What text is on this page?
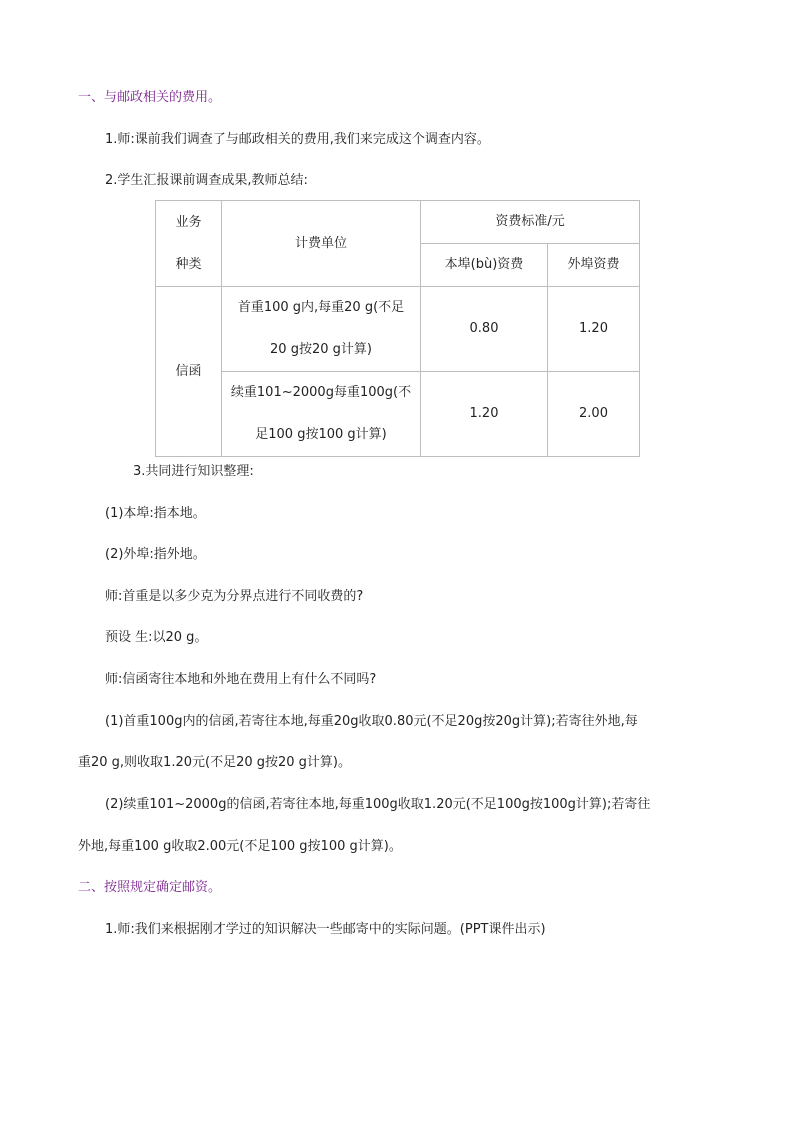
一、与邮政相关的费用。
1.师:课前我们调查了与邮政相关的费用,我们来完成这个调查内容。
2.学生汇报课前调查成果,教师总结:
业务
种类	计费单位	资费标准/元	
		本埠(bù)资费	外埠资费
信函	首重100 g内,每重20 g(不足
20 g按20 g计算)	0.80	1.20

	续重101~2000g每重100g(不
足100 g按100 g计算)	1.20	2.00
3.共同进行知识整理:
(1)本埠:指本地。
(2)外埠:指外地。
师:首重是以多少克为分界点进行不同收费的?
预设 生:以20 g。
师:信函寄往本地和外地在费用上有什么不同吗?
(1)首重100g内的信函,若寄往本地,每重20g收取0.80元(不足20g按20g计算);若寄往外地,每
重20 g,则收取1.20元(不足20 g按20 g计算)。
(2)续重101~2000g的信函,若寄往本地,每重100g收取1.20元(不足100g按100g计算);若寄往
外地,每重100 g收取2.00元(不足100 g按100 g计算)。
二、按照规定确定邮资。
1.师:我们来根据刚才学过的知识解决一些邮寄中的实际问题。(PPT课件出示)
